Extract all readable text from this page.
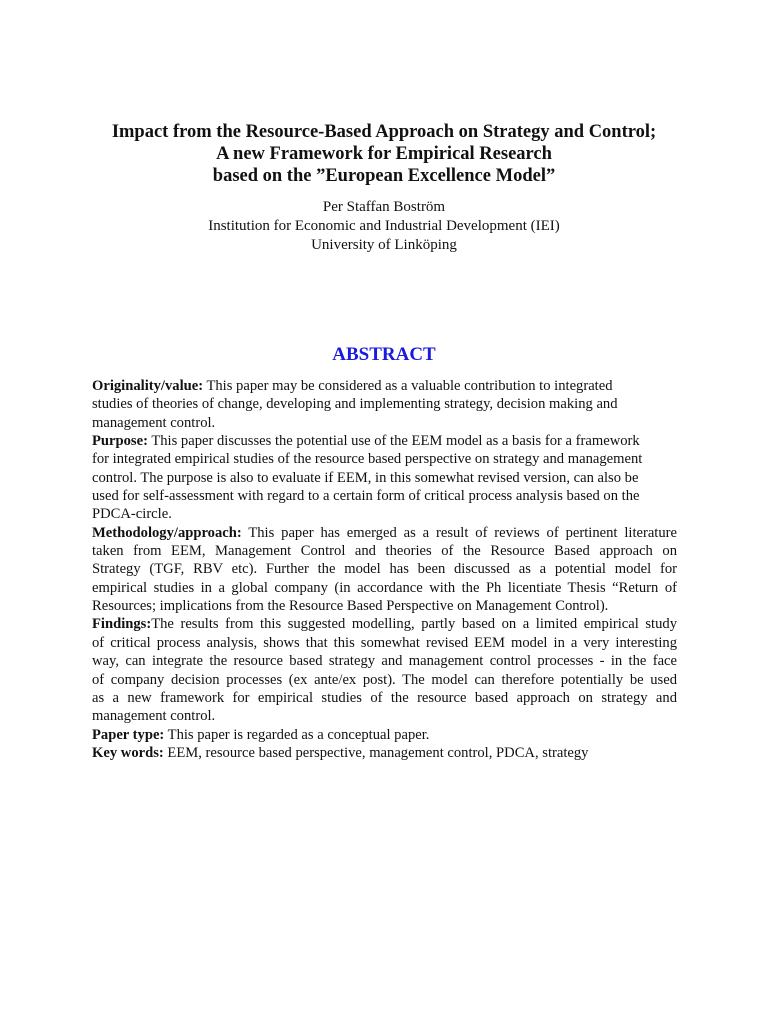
Impact from the Resource-Based Approach on Strategy and Control;
A new Framework for Empirical Research
based on the ”European Excellence Model”
Per Staffan Boström
Institution for Economic and Industrial Development (IEI)
University of Linköping
ABSTRACT
Originality/value: This paper may be considered as a valuable contribution to integrated
studies of theories of change, developing and implementing strategy, decision making and
management control.
Purpose: This paper discusses the potential use of the EEM model as a basis for a framework
for integrated empirical studies of the resource based perspective on strategy and management
control. The purpose is also to evaluate if EEM, in this somewhat revised version, can also be
used for self-assessment with regard to a certain form of critical process analysis based on the
PDCA-circle.
Methodology/approach: This paper has emerged as a result of reviews of pertinent literature
taken from EEM, Management Control and theories of the Resource Based approach on
Strategy (TGF, RBV etc). Further the model has been discussed as a potential model for
empirical studies in a global company (in accordance with the Ph licentiate Thesis “Return of
Resources; implications from the Resource Based Perspective on Management Control).
Findings:The results from this suggested modelling, partly based on a limited empirical study
of critical process analysis, shows that this somewhat revised EEM model in a very interesting
way, can integrate the resource based strategy and management control processes - in the face
of company decision processes (ex ante/ex post). The model can therefore potentially be used
as a new framework for empirical studies of the resource based approach on strategy and
management control.
Paper type: This paper is regarded as a conceptual paper.
Key words: EEM, resource based perspective, management control, PDCA, strategy
